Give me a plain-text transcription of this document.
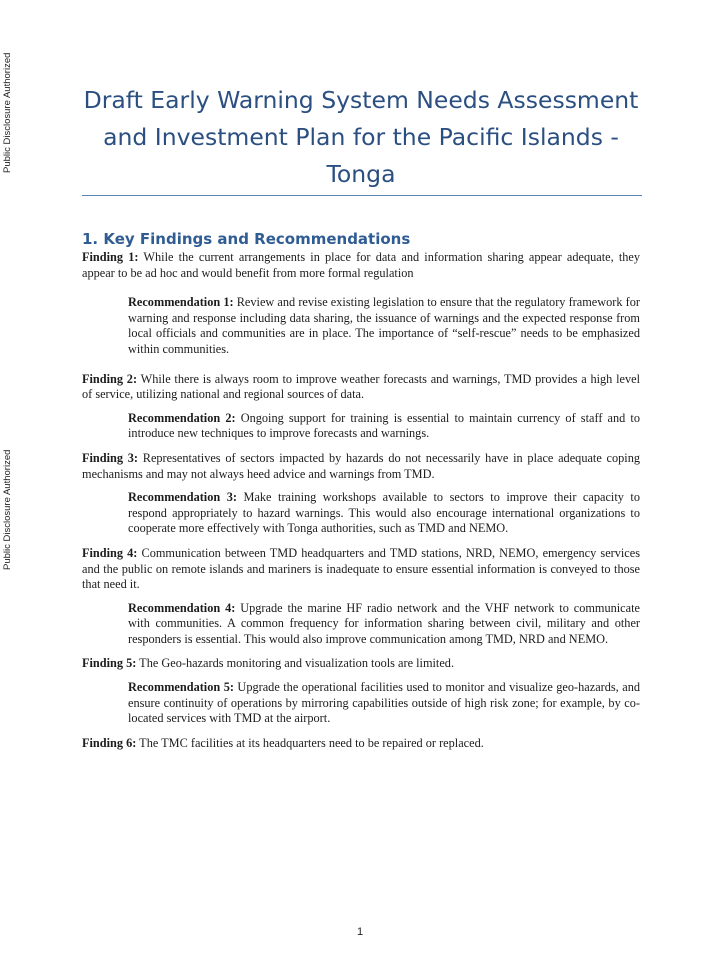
Public Disclosure Authorized
Public Disclosure Authorized
Draft Early Warning System Needs Assessment and Investment Plan for the Pacific Islands - Tonga
1. Key Findings and Recommendations

Finding 1: While the current arrangements in place for data and information sharing appear adequate, they appear to be ad hoc and would benefit from more formal regulation

Recommendation 1: Review and revise existing legislation to ensure that the regulatory framework for warning and response including data sharing, the issuance of warnings and the expected response from local officials and communities are in place. The importance of “self-rescue” needs to be emphasized within communities.

Finding 2: While there is always room to improve weather forecasts and warnings, TMD provides a high level of service, utilizing national and regional sources of data.

Recommendation 2: Ongoing support for training is essential to maintain currency of staff and to introduce new techniques to improve forecasts and warnings.

Finding 3: Representatives of sectors impacted by hazards do not necessarily have in place adequate coping mechanisms and may not always heed advice and warnings from TMD.

Recommendation 3: Make training workshops available to sectors to improve their capacity to respond appropriately to hazard warnings. This would also encourage international organizations to cooperate more effectively with Tonga authorities, such as TMD and NEMO.

Finding 4: Communication between TMD headquarters and TMD stations, NRD, NEMO, emergency services and the public on remote islands and mariners is inadequate to ensure essential information is conveyed to those that need it.

Recommendation 4: Upgrade the marine HF radio network and the VHF network to communicate with communities. A common frequency for information sharing between civil, military and other responders is essential. This would also improve communication among TMD, NRD and NEMO.

Finding 5: The Geo-hazards monitoring and visualization tools are limited.

Recommendation 5: Upgrade the operational facilities used to monitor and visualize geo-hazards, and ensure continuity of operations by mirroring capabilities outside of high risk zone; for example, by co-located services with TMD at the airport.

Finding 6: The TMC facilities at its headquarters need to be repaired or replaced.

1
